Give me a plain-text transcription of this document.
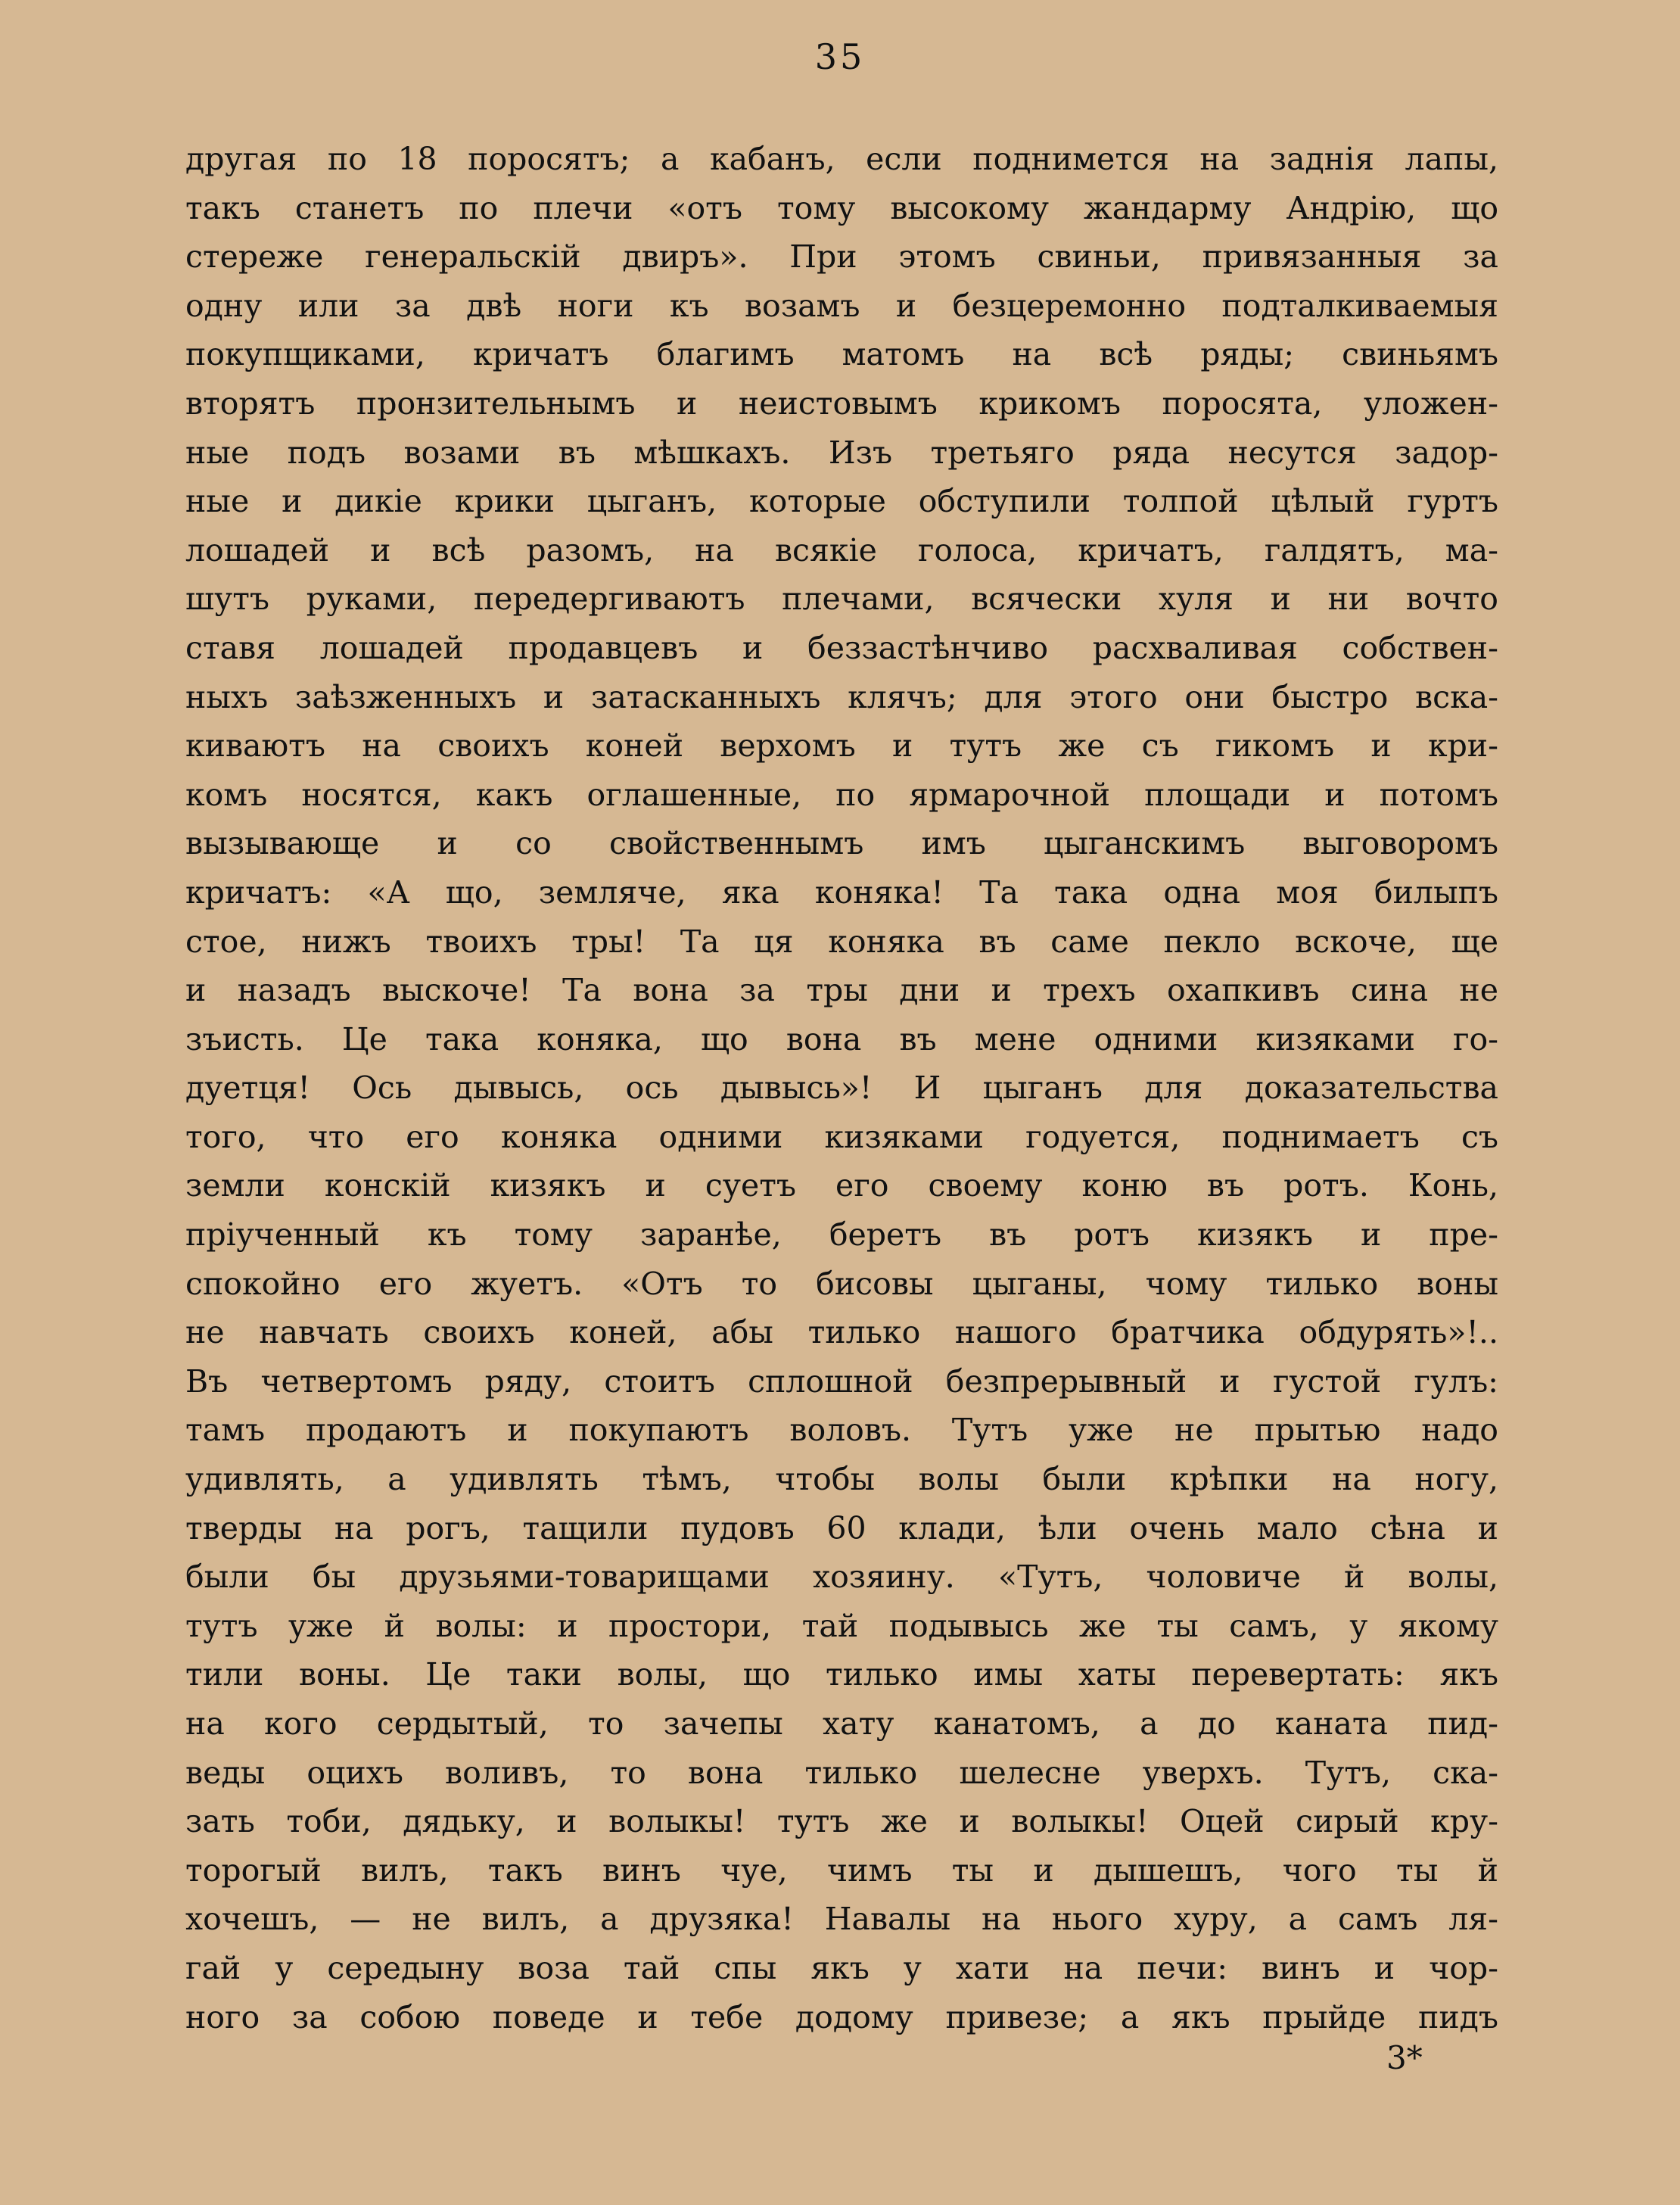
35
другая по 18 поросятъ; а кабанъ, если поднимется на заднія лапы,
такъ станетъ по плечи «отъ тому высокому жандарму Андрію, що
стереже генеральскій двиръ». При этомъ свиньи, привязанныя за
одну или за двѣ ноги къ возамъ и безцеремонно подталкиваемыя
покупщиками, кричатъ благимъ матомъ на всѣ ряды; свиньямъ
вторятъ пронзительнымъ и неистовымъ крикомъ поросята, уложен-
ные подъ возами въ мѣшкахъ. Изъ третьяго ряда несутся задор-
ные и дикіе крики цыганъ, которые обступили толпой цѣлый гуртъ
лошадей и всѣ разомъ, на всякіе голоса, кричатъ, галдятъ, ма-
шутъ руками, передергиваютъ плечами, всячески хуля и ни вочто
ставя лошадей продавцевъ и беззастѣнчиво расхваливая собствен-
ныхъ заѣзженныхъ и затасканныхъ клячъ; для этого они быстро вска-
киваютъ на своихъ коней верхомъ и тутъ же съ гикомъ и кри-
комъ носятся, какъ оглашенные, по ярмарочной площади и потомъ
вызывающе и со свойственнымъ имъ цыганскимъ выговоромъ
кричатъ: «А що, земляче, яка коняка! Та така одна моя билыпъ
стое, нижъ твоихъ тры! Та ця коняка въ саме пекло вскоче, ще
и назадъ выскоче! Та вона за тры дни и трехъ охапкивъ сина не
зъисть. Це така коняка, що вона въ мене одними кизяками го-
дуетця! Ось дывысь, ось дывысь»! И цыганъ для доказательства
того, что его коняка одними кизяками годуется, поднимаетъ съ
земли конскій кизякъ и суетъ его своему коню въ ротъ. Конь,
пріученный къ тому заранѣе, беретъ въ ротъ кизякъ и пре-
спокойно его жуетъ. «Отъ то бисовы цыганы, чому тилько воны
не навчать своихъ коней, абы тилько нашого братчика обдурять»!..
Въ четвертомъ ряду, стоитъ сплошной безпрерывный и густой гулъ:
тамъ продаютъ и покупаютъ воловъ. Тутъ уже не прытью надо
удивлять, а удивлять тѣмъ, чтобы волы были крѣпки на ногу,
тверды на рогъ, тащили пудовъ 60 клади, ѣли очень мало сѣна и
были бы друзьями-товарищами хозяину. «Тутъ, чоловиче й волы,
тутъ уже й волы: и простори, тай подывысь же ты самъ, у якому
тили воны. Це таки волы, що тилько имы хаты перевертать: якъ
на кого сердытый, то зачепы хату канатомъ, а до каната пид-
веды оцихъ воливъ, то вона тилько шелесне уверхъ. Тутъ, ска-
зать тоби, дядьку, и волыкы! тутъ же и волыкы! Оцей сирый кру-
торогый вилъ, такъ винъ чуе, чимъ ты и дышешъ, чого ты й
хочешъ, — не вилъ, а друзяка! Навалы на нього хуру, а самъ ля-
гай у середыну воза тай спы якъ у хати на печи: винъ и чор-
ного за собою поведе и тебе додому привезе; а якъ прыйде пидъ
3*
